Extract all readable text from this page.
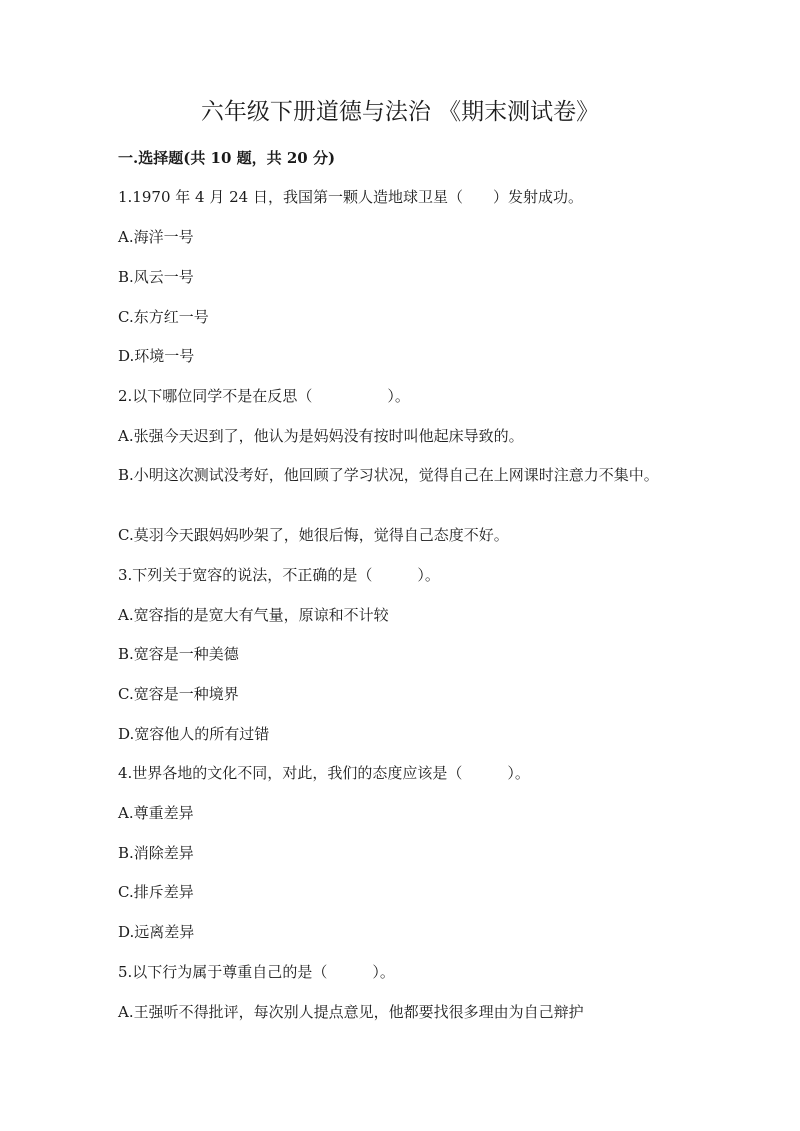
六年级下册道德与法治 《期末测试卷》

一.选择题(共 10 题，共 20 分)

1.1970 年 4 月 24 日，我国第一颗人造地球卫星（　　）发射成功。

A.海洋一号

B.风云一号

C.东方红一号

D.环境一号

2.以下哪位同学不是在反思（　　　　　）。

A.张强今天迟到了，他认为是妈妈没有按时叫他起床导致的。

B.小明这次测试没考好，他回顾了学习状况，觉得自己在上网课时注意力不集中。

C.莫羽今天跟妈妈吵架了，她很后悔，觉得自己态度不好。

3.下列关于宽容的说法，不正确的是（　　　）。

A.宽容指的是宽大有气量，原谅和不计较

B.宽容是一种美德

C.宽容是一种境界

D.宽容他人的所有过错

4.世界各地的文化不同，对此，我们的态度应该是（　　　）。

A.尊重差异

B.消除差异

C.排斥差异

D.远离差异

5.以下行为属于尊重自己的是（　　　）。

A.王强听不得批评，每次别人提点意见，他都要找很多理由为自己辩护
